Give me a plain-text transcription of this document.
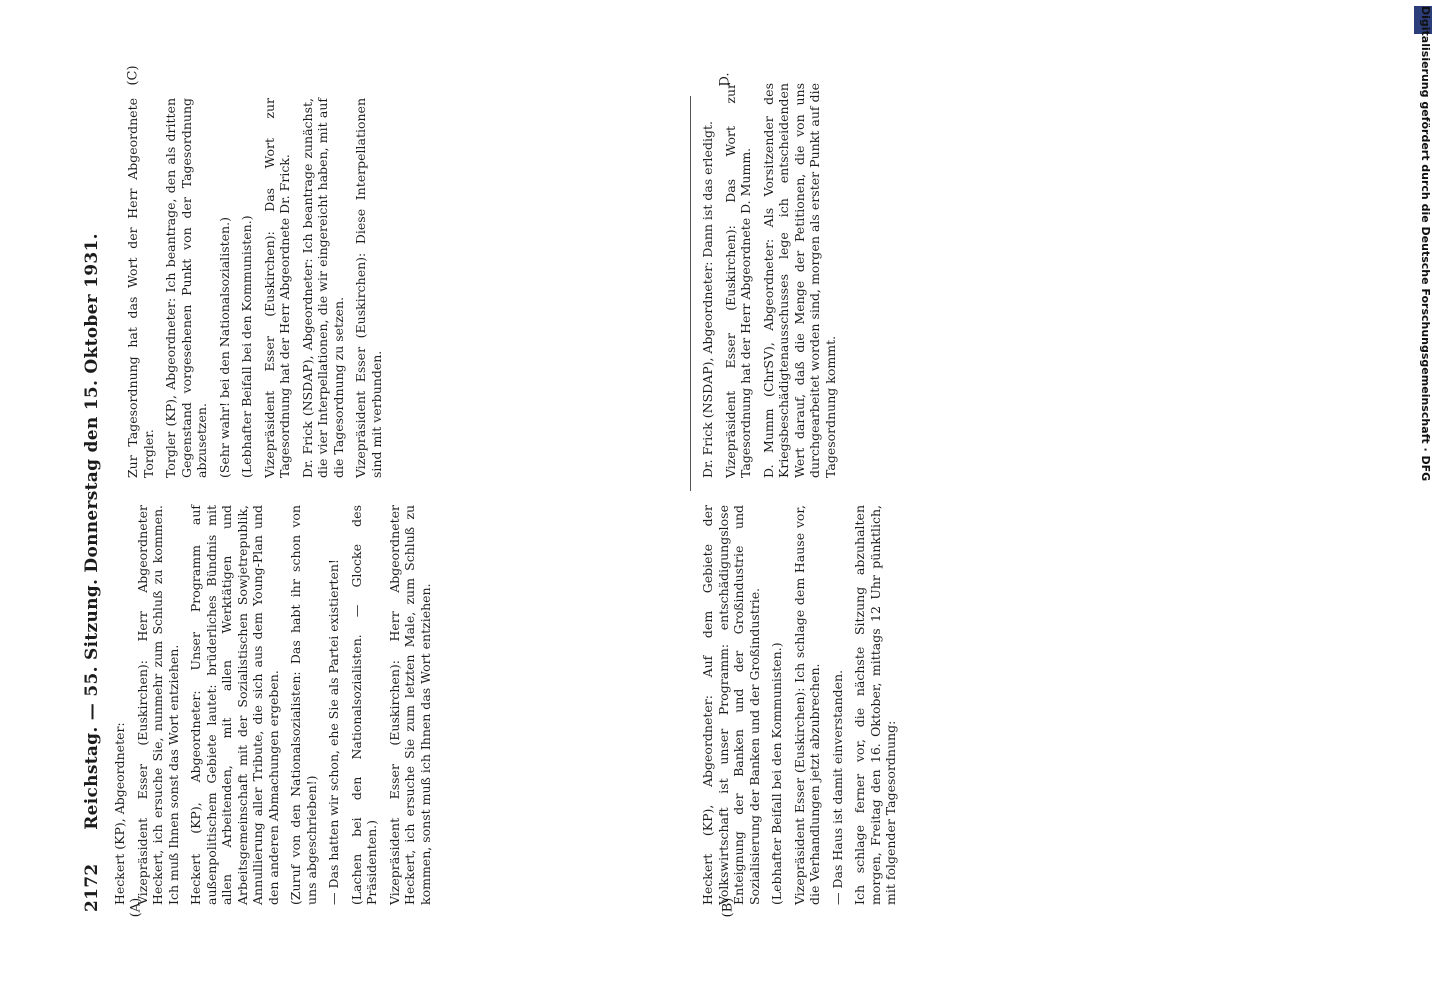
Digitalisierung gefördert durch die Deutsche Forschungsgemeinschaft · DFG
2172 Reichstag. — 55. Sitzung. Donnerstag den 15. Oktober 1931.
(A)	(B)
(C)	D.

Heckert (KP), Abgeordneter: Vizepräsident Esser (Euskirchen): Herr Abgeordneter Heckert, ich ersuche Sie, nunmehr zum Schluß zu kommen. Ich muß Ihnen sonst das Wort entziehen. Heckert (KP), Abgeordneter: Unser Programm auf außenpolitischem Gebiete lautet: brüderliches Bündnis mit allen Arbeitenden, mit allen Werktätigen und Arbeitsgemeinschaft mit der Sozialistischen Sowjetrepublik, Annullierung aller Tribute, die sich aus dem Young-Plan und den anderen Abmachungen ergeben. (Zuruf von den Nationalsozialisten: Das habt ihr schon von uns abgeschrieben!) — Das hatten wir schon, ehe Sie als Partei existierten! (Lachen bei den Nationalsozialisten. — Glocke des Präsidenten.) Vizepräsident Esser (Euskirchen): Herr Abgeordneter Heckert, ich ersuche Sie zum letzten Male, zum Schluß zu kommen, sonst muß ich Ihnen das Wort entziehen.	Heckert (KP), Abgeordneter: Auf dem Gebiete der Volkswirtschaft ist unser Programm: entschädigungslose Enteignung der Banken und der Großindustrie und Sozialisierung der Banken und der Großindustrie. (Lebhafter Beifall bei den Kommunisten.) Vizepräsident Esser (Euskirchen): Ich schlage dem Hause vor, die Verhandlungen jetzt abzubrechen. — Das Haus ist damit einverstanden. Ich schlage ferner vor, die nächste Sitzung abzuhalten morgen, Freitag den 16. Oktober, mittags 12 Uhr pünktlich, mit folgender Tagesordnung:

Zur Tagesordnung hat das Wort der Herr Abgeordnete Torgler. Torgler (KP), Abgeordneter: Ich beantrage, den als dritten Gegenstand vorgesehenen Punkt von der Tagesordnung abzusetzen. (Sehr wahr! bei den Nationalsozialisten.) (Lebhafter Beifall bei den Kommunisten.) Vizepräsident Esser (Euskirchen): Das Wort zur Tagesordnung hat der Herr Abgeordnete Dr. Frick. Dr. Frick (NSDAP), Abgeordneter: Ich beantrage zunächst, die vier Interpellationen, die wir eingereicht haben, mit auf die Tagesordnung zu setzen. Vizepräsident Esser (Euskirchen): Diese Interpellationen sind mit verbunden.	Dr. Frick (NSDAP), Abgeordneter: Dann ist das erledigt. Vizepräsident Esser (Euskirchen): Das Wort zur Tagesordnung hat der Herr Abgeordnete D. Mumm. D. Mumm (ChrSV), Abgeordneter: Als Vorsitzender des Kriegsbeschädigtenausschusses lege ich entscheidenden Wert darauf, daß die Menge der Petitionen, die von uns durchgearbeitet worden sind, morgen als erster Punkt auf die Tagesordnung kommt.
